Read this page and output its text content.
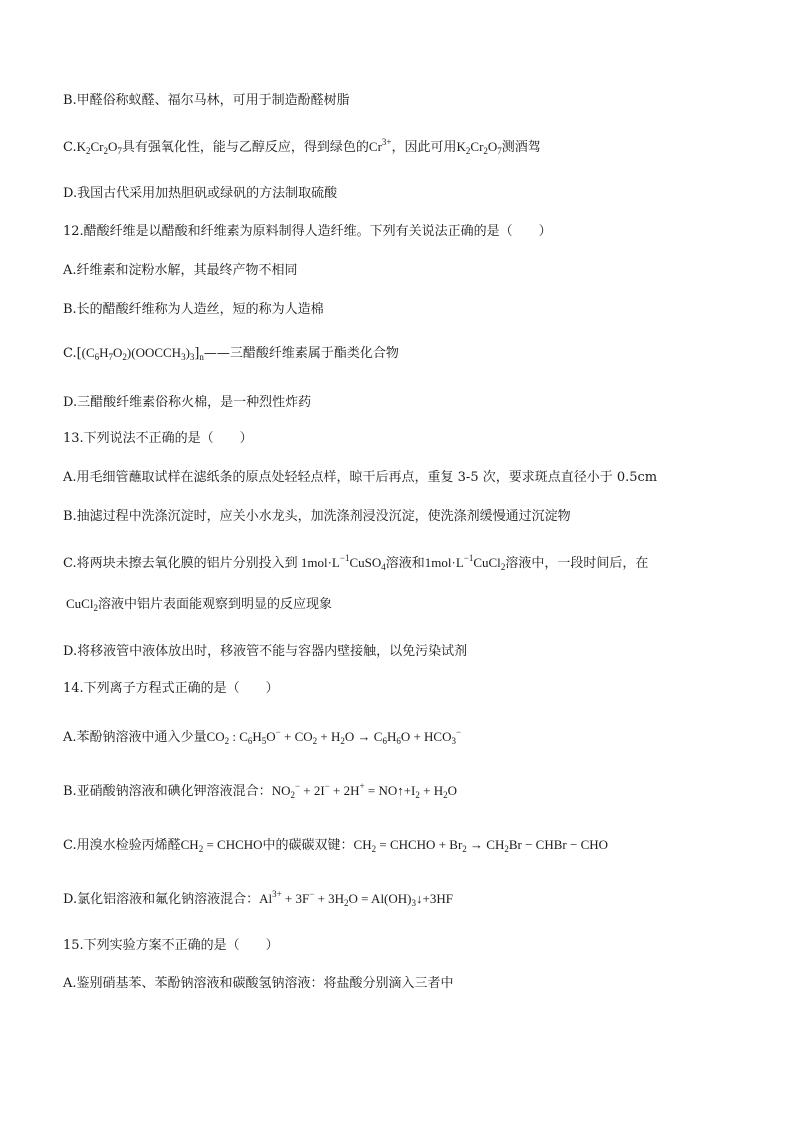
B.甲醛俗称蚁醛、福尔马林，可用于制造酚醛树脂
$C.K_2Cr_2O_7$具有强氧化性，能与乙醇反应，得到绿色的$Cr^{3+}$，因此可用$K_2Cr_2O_7$测酒驾
D.我国古代采用加热胆矾或绿矾的方法制取硫酸
12.醋酸纤维是以醋酸和纤维素为原料制得人造纤维。下列有关说法正确的是（　　）
A.纤维素和淀粉水解，其最终产物不相同
B.长的醋酸纤维称为人造丝，短的称为人造棉
$C.[(C_6H_7O_2)(OOCCH_3)_3]_n——$三醋酸纤维素属于酯类化合物
D.三醋酸纤维素俗称火棉，是一种烈性炸药
13.下列说法不正确的是（　　）
A.用毛细管蘸取试样在滤纸条的原点处轻轻点样，晾干后再点，重复 3-5 次，要求斑点直径小于 0.5cm
B.抽滤过程中洗涤沉淀时，应关小水龙头，加洗涤剂浸没沉淀，使洗涤剂缓慢通过沉淀物
C.将两块未擦去氧化膜的铝片分别投入到 $1mol\cdot L^{-1}CuSO_4$溶液和$1mol\cdot L^{-1}CuCl_2$溶液中，一段时间后，在
CuCl$_2$溶液中铝片表面能观察到明显的反应现象
D.将移液管中液体放出时，移液管不能与容器内壁接触，以免污染试剂
14.下列离子方程式正确的是（　　）
A.苯酚钠溶液中通入少量$CO_2$ : $C_6H_5O^- + CO_2 + H_2O \to C_6H_6O + HCO_3^-$
B.亚硝酸钠溶液和碘化钾溶液混合：$NO_2^- + 2I^- + 2H^+$ = $NO↑+I_2 + H_2O$
C.用溴水检验丙烯醛$CH_2$ = CHCHO中的碳碳双键：$CH_2$ = CHCHO + $Br_2 \to CH_2Br$ − CHBr − CHO
D.氯化铝溶液和氟化钠溶液混合：$Al^{3+} + 3F^- + 3H_2O$ = $Al(OH)_3↓+3HF$
15.下列实验方案不正确的是（　　）
A.鉴别硝基苯、苯酚钠溶液和碳酸氢钠溶液：将盐酸分别滴入三者中
